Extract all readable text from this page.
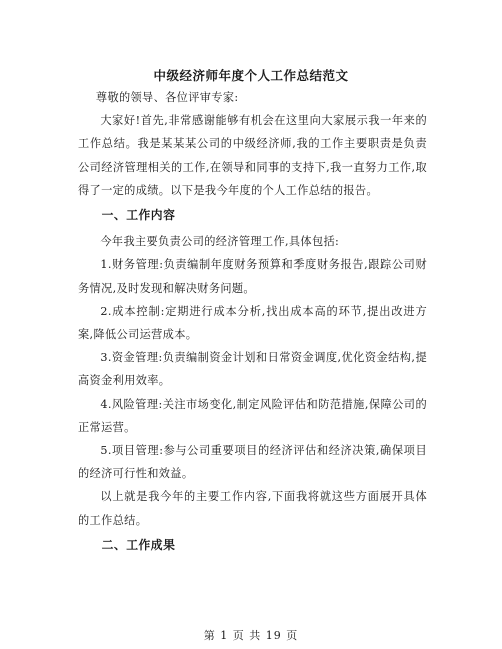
中级经济师年度个人工作总结范文

尊敬的领导、各位评审专家:

大家好!首先,非常感谢能够有机会在这里向大家展示我一年来的工作总结。我是某某某公司的中级经济师,我的工作主要职责是负责公司经济管理相关的工作,在领导和同事的支持下,我一直努力工作,取得了一定的成绩。以下是我今年度的个人工作总结的报告。

一、工作内容

今年我主要负责公司的经济管理工作,具体包括:

1.财务管理:负责编制年度财务预算和季度财务报告,跟踪公司财务情况,及时发现和解决财务问题。

2.成本控制:定期进行成本分析,找出成本高的环节,提出改进方案,降低公司运营成本。

3.资金管理:负责编制资金计划和日常资金调度,优化资金结构,提高资金利用效率。

4.风险管理:关注市场变化,制定风险评估和防范措施,保障公司的正常运营。

5.项目管理:参与公司重要项目的经济评估和经济决策,确保项目的经济可行性和效益。

以上就是我今年的主要工作内容,下面我将就这些方面展开具体的工作总结。

二、工作成果
第 1 页 共 19 页
